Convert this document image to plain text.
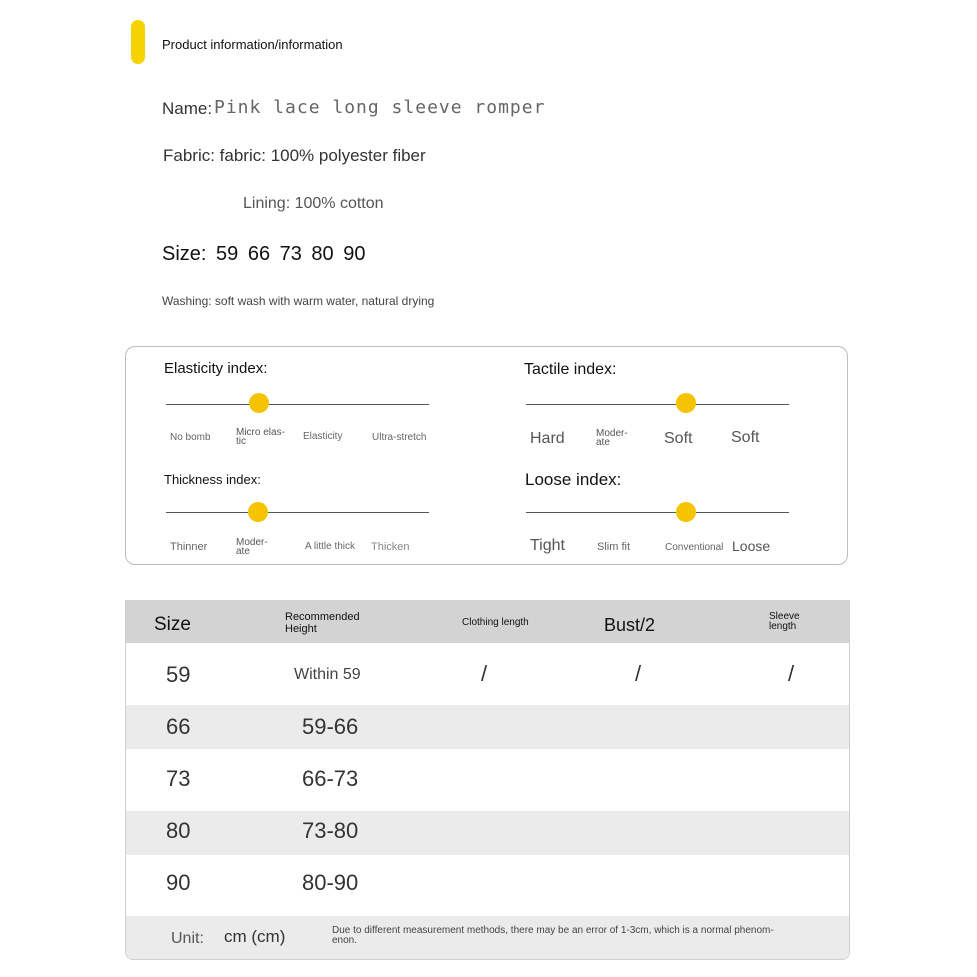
Product information/information
Name: Pink lace long sleeve romper
Fabric: fabric: 100% polyester fiber
Lining: 100% cotton
Size: 59 66 73 80 90
Washing: soft wash with warm water, natural drying
Elasticity index:
No bomb	Micro elas-
tic	Elasticity	Ultra-stretch
Tactile index:
Hard	Moder-
ate	Soft Soft
Thickness index:
Thinner	Moder-
ate	A little thick Thicken
Loose index:
Tight	Slim fit	Conventional Loose
Size	Recommended
Height
Clothing length	Bust/2	Sleeve
length
59	Within 59	/	/	/
66	59-66
73	66-73
80	73-80
90	80-90
Unit: cm (cm)	Due to different measurement methods, there may be an error of 1-3cm, which is a normal phenom-
enon.
